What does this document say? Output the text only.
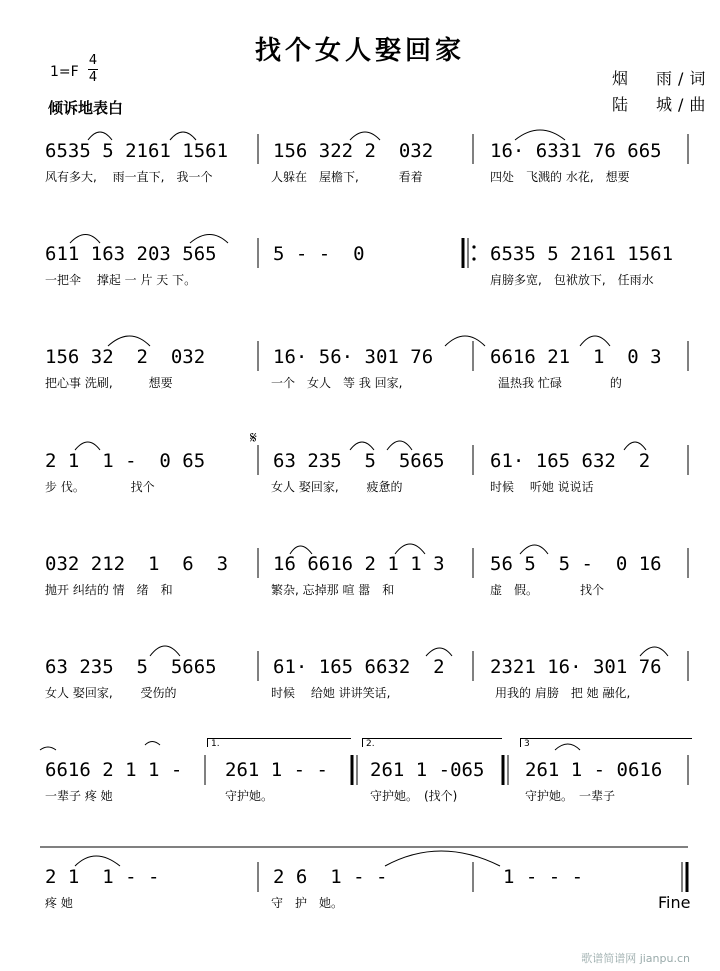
找个女人娶回家
1=F
4
4
倾诉地表白
烟　雨/词
陆　城/曲
𝄋
6535 5 2161 1561 156 322 2  032	16· 6331 76 665
611 163 203 565	5 - -  0	6535 5 2161 1561
156 32  2  032	16· 56· 301 76	6616 21  1  0 3
2 1  1 -  0 65	63 235  5  5665 61· 165 632  2
032 212  1  6  3 16 6616 2 1 1 3 56 5  5 -  0 16
63 235  5  5665	61· 165 6632  2 2321 16· 301 76
6616 2 1 1 - 261 1 - - 261 1 -065 261 1 - 0616
2 1  1 - -	2 6  1 - -	1 - - -
1.	2.	3
风有多大,　 雨一直下,　我一个	人躲在　屋檐下,　　　 看着	四处　飞溅的 水花,　想要
一把伞　 撑起 一 片 天 下。	肩膀多宽,　包袱放下,　任雨水
把心事 洗刷,　　　想要	一个　女人　等 我 回家,	温热我 忙碌　　　　的
步 伐。　　　　 找个	女人 娶回家,　　 疲惫的	时候　 听她 说说话
抛开 纠结的 情　绪　和	繁杂, 忘掉那 喧 嚣　和	虚　假。　　　　找个
女人 娶回家,　　 受伤的	时候　 给她 讲讲笑话,	用我的 肩膀　把 她 融化,
一辈子 疼 她	守护她。	守护她。　(找个)	守护她。　一辈子
疼 她	守　护　她。	Fine
歌谱简谱网 jianpu.cn
